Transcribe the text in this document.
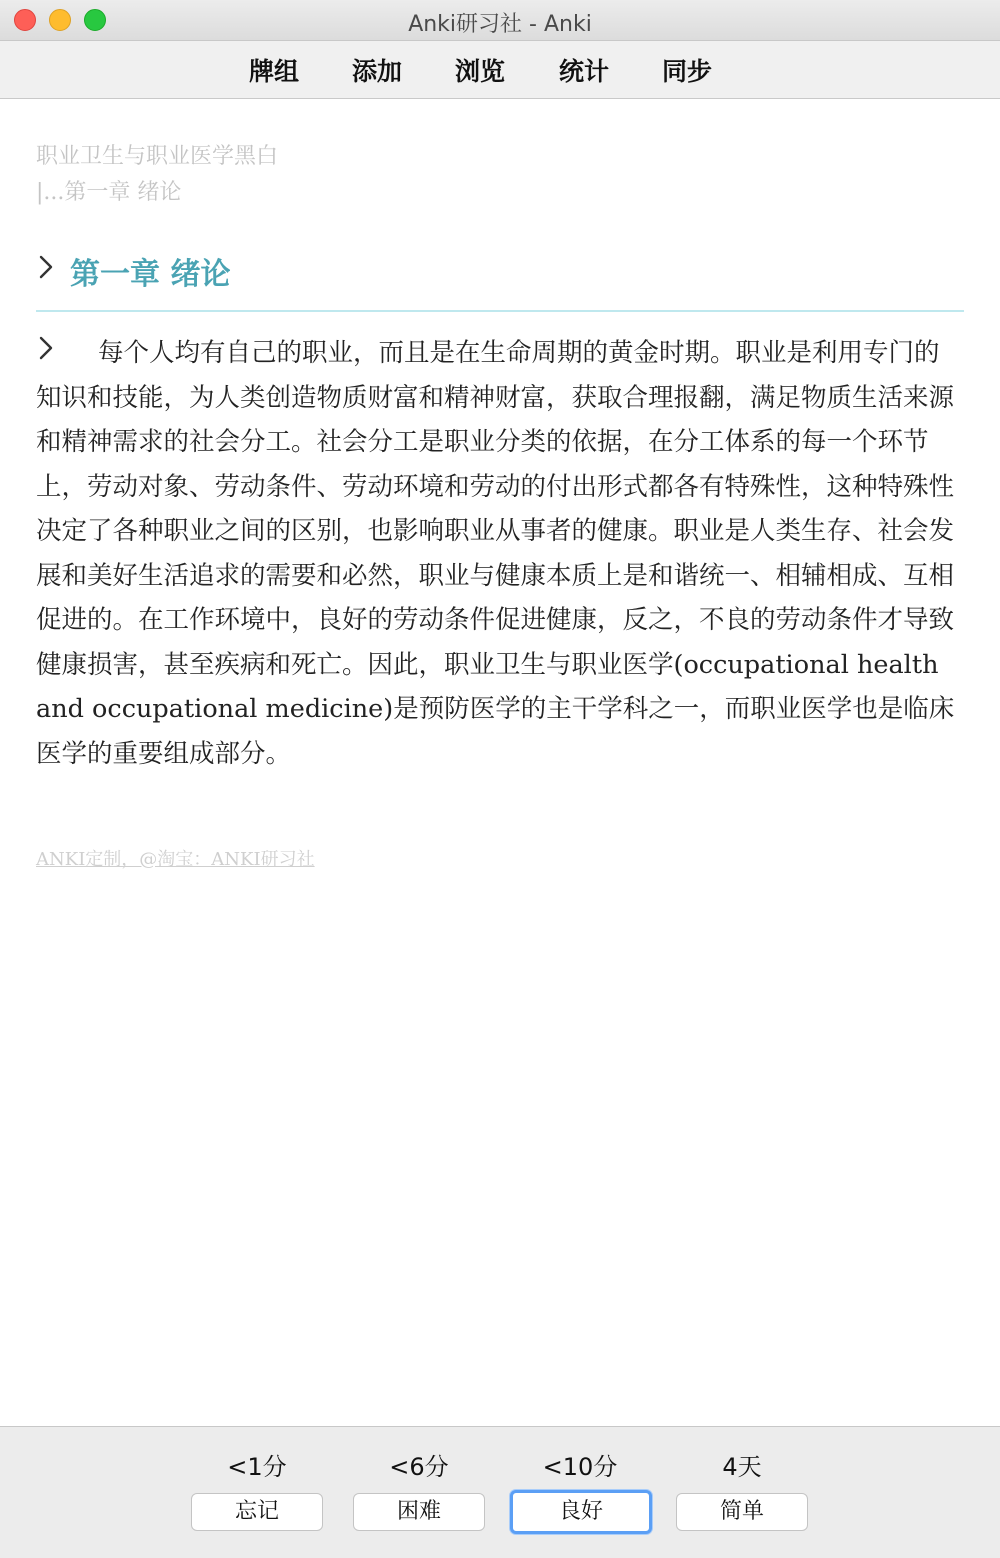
Anki研习社 - Anki
牌组 添加 浏览 统计 同步
职业卫生与职业医学黑白
|...第一章 绪论
第一章 绪论

每个人均有自己的职业，而且是在生命周期的黄金时期。职业是利用专门的知识和技能，为人类创造物质财富和精神财富，获取合理报翻，满足物质生活来源和精神需求的社会分工。社会分工是职业分类的依据，在分工体系的每一个环节上，劳动对象、劳动条件、劳动环境和劳动的付出形式都各有特殊性，这种特殊性决定了各种职业之间的区别，也影响职业从事者的健康。职业是人类生存、社会发展和美好生活追求的需要和必然，职业与健康本质上是和谐统一、相辅相成、互相促进的。在工作环境中，良好的劳动条件促进健康，反之，不良的劳动条件才导致健康损害，甚至疾病和死亡。因此，职业卫生与职业医学(occupational health and occupational medicine)是预防医学的主干学科之一，而职业医学也是临床医学的重要组成部分。

ANKI定制，@淘宝：ANKI研习社
<1分	<6分	<10分	4天
忘记	困难	良好	简单
